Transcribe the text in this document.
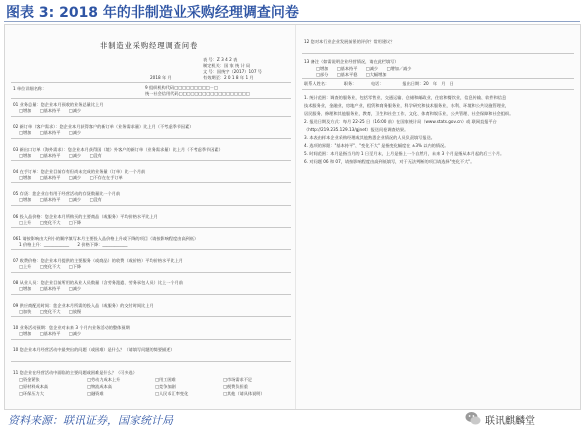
图表 3: 2018 年的非制造业采购经理调查问卷
非制造业采购经理调查问卷
表 号：Z 3 4 2 表
制定机关：国 家 统 计 局
文 号：国统字（2017）107 号
有效期至：2 0 1 8 年 1 月
2018 年 月
1 单位详细名称：	9 组织机构代码□□□□□□□□□－□
统一社会信用代码□□□□□□□□□□□□□□□□□□
01 业务总量：您企业本月预收的业务总量比上月
□增加　　□基本持平　　□减少
02 新订单（客户需求）：您企业本月获得客户的新订单（业务需求量）比上月（不考虑季节因素）
□增加　　□基本持平　　□减少
03 新出口订单（海外需求）：您企业本月获得国（境）外客户的新订单（业务需求量）比上月（不考虑季节因素）
□增加　　□基本持平　　□减少　　□没有
04 在手订单：您企业目前存有但尚未完成的业务量（订单）比一个月前
□增加　　□基本持平　　□减少　　□不存在在手订单
05 存货：您企业自有用于经营活动的存货数量比一个月前
□增加　　□基本持平　　□减少　　□没有
06 投入品价格：您企业本月所购买的主要商品（或服务）平均价格水平比上月
□上升　　□变化不大　　□下降
061 请按影响由大到小的顺序填写本月主要投入品价格上升或下降的项目（请按影响程度由高到低）
1 价格上升：____________　　2 价格下降：____________
07 收费价格：您企业本月提供的主要服务（或商品）的收费（或价格）平均价格水平比上月
□上升　　□变化不大　　□下降
08 从业人员：您企业目前所用的从业人员数量（含劳务派遣、劳务承包人员）比上一个月前
□增加　　□基本持平　　□减少
09 供应商配送时间：您企业本月所需的投入品（或服务）的交付时间比上月
□加快　　□变化不大　　□放慢
10 业务活动预期：您企业对未来 3 个月内业务活动的整体预期
□增加　　□基本持平　　□减少
10 您企业本月经营活动中最突出的问题（或困难）是什么？（请填写问题的简要描述）
11 您企业在经营活动中面临的主要问题或困难是什么？（可多选）
□资金紧张	□劳动力成本上升	□用工困难	□市场需求不足
□原材料成本高	□物流成本高	□竞争加剧	□税费负担重
□环保压力大	□融资难	□人民币汇率变化	□其他（请具体说明）
12 您对本行业企业发展前景的评价？常用建议？
13 备注（如需说明企业经营情况，请在此栏填写）
□增加　　□基本持平　　□减少　　□增加／减少
□部分　　□基本平稳　　□大幅增加
联系人姓名：　　　　职务：　　　　电话：　　　　　报出日期：20　年　月　日
1. 统计范围：调查的服务业，包括零售业，交通运输、仓储和邮政业，住宿和餐饮业，信息传输、软件和信息
技术服务业，金融业，房地产业，租赁和商务服务业，科学研究和技术服务业，水利、环境和公共设施管理业，
居民服务、修理和其他服务业，教育，卫生和社会工作，文化、体育和娱乐业，公共管理、社会保障和社会组织。
2. 报送日期及方式：每月 22-25 日（16:00 前）在国家统计局（www.stats.gov.cn）或 联网直报平台
（http://219.235.129.13/gjnet）报送问卷调查结果。
3. 本表由样本企业采购经理或其他熟悉企业情况的人员负责填写报送。
4. 选项的界限："基本持平"、"变化不大" 是指变化幅度在 ±3% 以内的情况。
5. 时间范围：本月是指当月的 1 日至月末，上月是指上一个自然月，未来 3 个月是指从本月起的后三个月。
6. 对问题 06 和 07，请按影响程度由高到低填写，对于无法判断的项目请选择"变化不大"。
资料来源：联讯证券，国家统计局	联讯麒麟堂
